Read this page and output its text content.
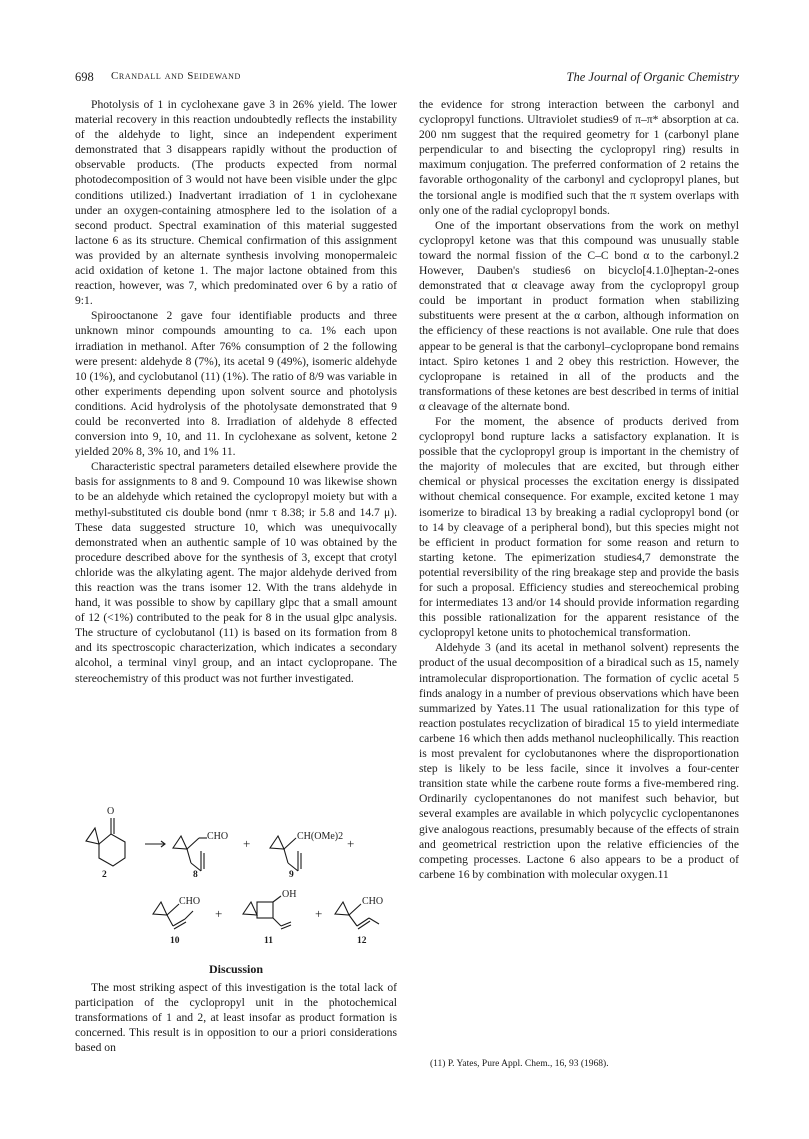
698 Crandall and Seidewand	The Journal of Organic Chemistry

Photolysis of 1 in cyclohexane gave 3 in 26% yield. The lower material recovery in this reaction undoubtedly reflects the instability of the aldehyde to light, since an independent experiment demonstrated that 3 disappears rapidly without the production of observable products. (The products expected from normal photodecomposition of 3 would not have been visible under the glpc conditions utilized.) Inadvertant irradiation of 1 in cyclohexane under an oxygen-containing atmosphere led to the isolation of a second product. Spectral examination of this material suggested lactone 6 as its structure. Chemical confirmation of this assignment was provided by an alternate synthesis involving monopermaleic acid oxidation of ketone 1. The major lactone obtained from this reaction, however, was 7, which predominated over 6 by a ratio of 9:1.

Spirooctanone 2 gave four identifiable products and three unknown minor compounds amounting to ca. 1% each upon irradiation in methanol. After 76% consumption of 2 the following were present: aldehyde 8 (7%), its acetal 9 (49%), isomeric aldehyde 10 (1%), and cyclobutanol (11) (1%). The ratio of 8/9 was variable in other experiments depending upon solvent source and photolysis conditions. Acid hydrolysis of the photolysate demonstrated that 9 could be reconverted into 8. Irradiation of aldehyde 8 effected conversion into 9, 10, and 11. In cyclohexane as solvent, ketone 2 yielded 20% 8, 3% 10, and 1% 11.

Characteristic spectral parameters detailed elsewhere provide the basis for assignments to 8 and 9. Compound 10 was likewise shown to be an aldehyde which retained the cyclopropyl moiety but with a methyl-substituted cis double bond (nmr τ 8.38; ir 5.8 and 14.7 μ). These data suggested structure 10, which was unequivocally demonstrated when an authentic sample of 10 was obtained by the procedure described above for the synthesis of 3, except that crotyl chloride was the alkylating agent. The major aldehyde derived from this reaction was the trans isomer 12. With the trans aldehyde in hand, it was possible to show by capillary glpc that a small amount of 12 (<1%) contributed to the peak for 8 in the usual glpc analysis. The structure of cyclobutanol (11) is based on its formation from 8 and its spectroscopic characterization, which indicates a secondary alcohol, a terminal vinyl group, and an intact cyclopropane. The stereochemistry of this product was not further investigated.

O
CHO	CH(OMe)2
CHO
OH
CHO
+	+
+	+
2	8	9
10	11	12
Discussion

The most striking aspect of this investigation is the total lack of participation of the cyclopropyl unit in the photochemical transformations of 1 and 2, at least insofar as product formation is concerned. This result is in opposition to our a priori considerations based on

the evidence for strong interaction between the carbonyl and cyclopropyl functions. Ultraviolet studies9 of π–π* absorption at ca. 200 nm suggest that the required geometry for 1 (carbonyl plane perpendicular to and bisecting the cyclopropyl ring) results in maximum conjugation. The preferred conformation of 2 retains the favorable orthogonality of the carbonyl and cyclopropyl planes, but the torsional angle is modified such that the π system overlaps with only one of the radial cyclopropyl bonds.

One of the important observations from the work on methyl cyclopropyl ketone was that this compound was unusually stable toward the normal fission of the C–C bond α to the carbonyl.2 However, Dauben's studies6 on bicyclo[4.1.0]heptan-2-ones demonstrated that α cleavage away from the cyclopropyl group could be important in product formation when stabilizing substituents were present at the α carbon, although information on the efficiency of these reactions is not available. One rule that does appear to be general is that the carbonyl–cyclopropane bond remains intact. Spiro ketones 1 and 2 obey this restriction. However, the cyclopropane is retained in all of the products and the transformations of these ketones are best described in terms of initial α cleavage of the alternate bond.

For the moment, the absence of products derived from cyclopropyl bond rupture lacks a satisfactory explanation. It is possible that the cyclopropyl group is important in the chemistry of the majority of molecules that are excited, but through either chemical or physical processes the excitation energy is dissipated without chemical consequence. For example, excited ketone 1 may isomerize to biradical 13 by breaking a radial cyclopropyl bond (or to 14 by cleavage of a peripheral bond), but this species might not be efficient in product formation for some reason and return to starting ketone. The epimerization studies4,7 demonstrate the potential reversibility of the ring breakage step and provide the basis for such a proposal. Efficiency studies and stereochemical probing for intermediates 13 and/or 14 should provide information regarding this possible rationalization for the apparent resistance of the cyclopropyl ketone units to photochemical transformation.

Aldehyde 3 (and its acetal in methanol solvent) represents the product of the usual decomposition of a biradical such as 15, namely intramolecular disproportionation. The formation of cyclic acetal 5 finds analogy in a number of previous observations which have been summarized by Yates.11 The usual rationalization for this type of reaction postulates recyclization of biradical 15 to yield intermediate carbene 16 which then adds methanol nucleophilically. This reaction is most prevalent for cyclobutanones where the disproportionation step is likely to be less facile, since it involves a four-center transition state while the carbene route forms a five-membered ring. Ordinarily cyclopentanones do not manifest such behavior, but several examples are available in which polycyclic cyclopentanones give analogous reactions, presumably because of the effects of strain and geometrical restriction upon the relative efficiencies of the competing processes. Lactone 6 also appears to be a product of carbene 16 by combination with molecular oxygen.11

(11) P. Yates, Pure Appl. Chem., 16, 93 (1968).
